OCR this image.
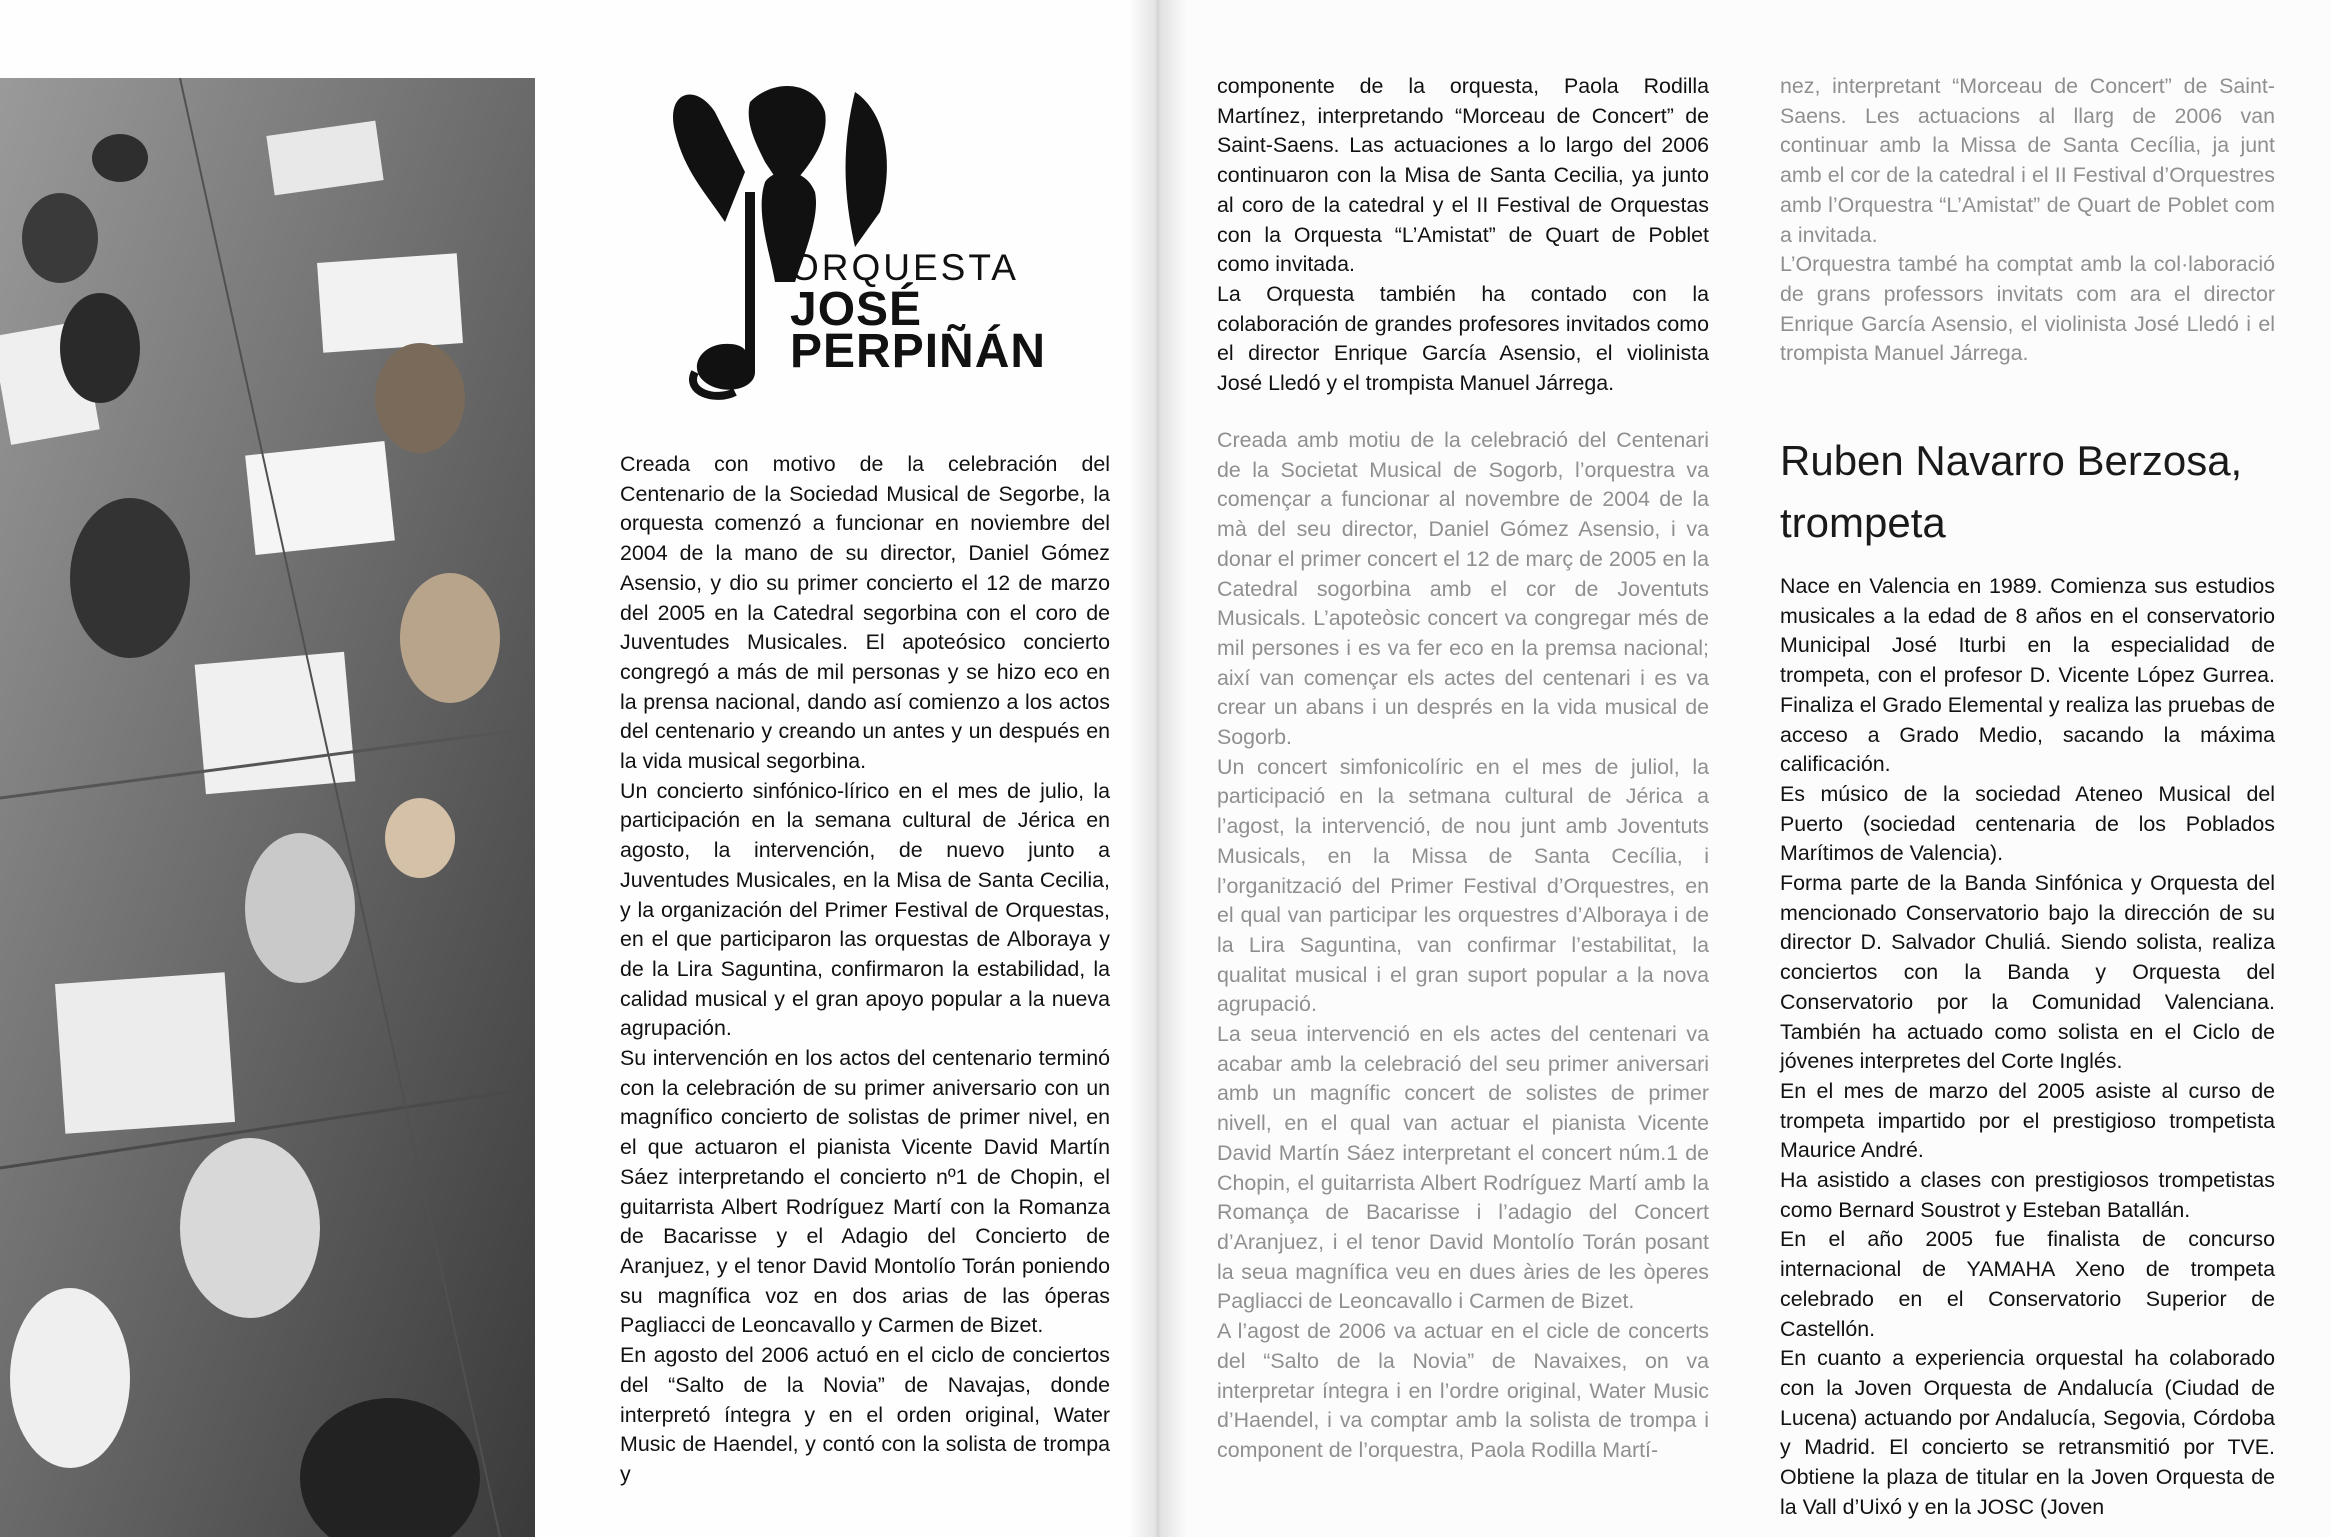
ORQUESTA
JOSÉ
PERPIÑÁN

Creada con motivo de la celebración del Centenario de la Sociedad Musical de Segorbe, la orquesta comenzó a funcionar en noviembre del 2004 de la mano de su director, Daniel Gómez Asensio, y dio su primer concierto el 12 de marzo del 2005 en la Catedral segorbina con el coro de Juventudes Musicales. El apoteósico concierto congregó a más de mil personas y se hizo eco en la prensa nacional, dando así comienzo a los actos del centenario y creando un antes y un después en la vida musical segorbina.

Un concierto sinfónico-lírico en el mes de julio, la participación en la semana cultural de Jérica en agosto, la intervención, de nuevo junto a Juventudes Musicales, en la Misa de Santa Cecilia, y la organización del Primer Festival de Orquestas, en el que participaron las orquestas de Alboraya y de la Lira Saguntina, confirmaron la estabilidad, la calidad musical y el gran apoyo popular a la nueva agrupación.

Su intervención en los actos del centenario terminó con la celebración de su primer aniversario con un magnífico concierto de solistas de primer nivel, en el que actuaron el pianista Vicente David Martín Sáez interpretando el concierto nº1 de Chopin, el guitarrista Albert Rodríguez Martí con la Romanza de Bacarisse y el Adagio del Concierto de Aranjuez, y el tenor David Montolío Torán poniendo su magnífica voz en dos arias de las óperas Pagliacci de Leoncavallo y Carmen de Bizet.

En agosto del 2006 actuó en el ciclo de conciertos del “Salto de la Novia” de Navajas, donde interpretó íntegra y en el orden original, Water Music de Haendel, y contó con la solista de trompa y

componente de la orquesta, Paola Rodilla Martínez, interpretando “Morceau de Concert” de Saint-Saens. Las actuaciones a lo largo del 2006 continuaron con la Misa de Santa Cecilia, ya junto al coro de la catedral y el II Festival de Orquestas con la Orquesta “L’Amistat” de Quart de Poblet como invitada.

La Orquesta también ha contado con la colaboración de grandes profesores invitados como el director Enrique García Asensio, el violinista José Lledó y el trompista Manuel Járrega.

Creada amb motiu de la celebració del Centenari de la Societat Musical de Sogorb, l’orquestra va començar a funcionar al novembre de 2004 de la mà del seu director, Daniel Gómez Asensio, i va donar el primer concert el 12 de març de 2005 en la Catedral sogorbina amb el cor de Joventuts Musicals. L’apoteòsic concert va congregar més de mil persones i es va fer eco en la premsa nacional; així van començar els actes del centenari i es va crear un abans i un després en la vida musical de Sogorb.

Un concert simfonicolíric en el mes de juliol, la participació en la setmana cultural de Jérica a l’agost, la intervenció, de nou junt amb Joventuts Musicals, en la Missa de Santa Cecília, i l’organització del Primer Festival d’Orquestres, en el qual van participar les orquestres d’Alboraya i de la Lira Saguntina, van confirmar l’estabilitat, la qualitat musical i el gran suport popular a la nova agrupació.

La seua intervenció en els actes del centenari va acabar amb la celebració del seu primer aniversari amb un magnífic concert de solistes de primer nivell, en el qual van actuar el pianista Vicente David Martín Sáez interpretant el concert núm.1 de Chopin, el guitarrista Albert Rodríguez Martí amb la Romança de Bacarisse i l’adagio del Concert d’Aranjuez, i el tenor David Montolío Torán posant la seua magnífica veu en dues àries de les òperes Pagliacci de Leoncavallo i Carmen de Bizet.

A l’agost de 2006 va actuar en el cicle de concerts del “Salto de la Novia” de Navaixes, on va interpretar íntegra i en l’ordre original, Water Music d’Haendel, i va comptar amb la solista de trompa i component de l’orquestra, Paola Rodilla Martí-

nez, interpretant “Morceau de Concert” de Saint-Saens. Les actuacions al llarg de 2006 van continuar amb la Missa de Santa Cecília, ja junt amb el cor de la catedral i el II Festival d’Orquestres amb l’Orquestra “L’Amistat” de Quart de Poblet com a invitada.

L’Orquestra també ha comptat amb la col·laboració de grans professors invitats com ara el director Enrique García Asensio, el violinista José Lledó i el trompista Manuel Járrega.

Ruben Navarro Berzosa,
trompeta

Nace en Valencia en 1989. Comienza sus estudios musicales a la edad de 8 años en el conservatorio Municipal José Iturbi en la especialidad de trompeta, con el profesor D. Vicente López Gurrea. Finaliza el Grado Elemental y realiza las pruebas de acceso a Grado Medio, sacando la máxima calificación.

Es músico de la sociedad Ateneo Musical del Puerto (sociedad centenaria de los Poblados Marítimos de Valencia).

Forma parte de la Banda Sinfónica y Orquesta del mencionado Conservatorio bajo la dirección de su director D. Salvador Chuliá. Siendo solista, realiza conciertos con la Banda y Orquesta del Conservatorio por la Comunidad Valenciana. También ha actuado como solista en el Ciclo de jóvenes interpretes del Corte Inglés.

En el mes de marzo del 2005 asiste al curso de trompeta impartido por el prestigioso trompetista Maurice André.

Ha asistido a clases con prestigiosos trompetistas como Bernard Soustrot y Esteban Batallán.

En el año 2005 fue finalista de concurso internacional de YAMAHA Xeno de trompeta celebrado en el Conservatorio Superior de Castellón.

En cuanto a experiencia orquestal ha colaborado con la Joven Orquesta de Andalucía (Ciudad de Lucena) actuando por Andalucía, Segovia, Córdoba y Madrid. El concierto se retransmitió por TVE. Obtiene la plaza de titular en la Joven Orquesta de la Vall d’Uixó y en la JOSC (Joven
